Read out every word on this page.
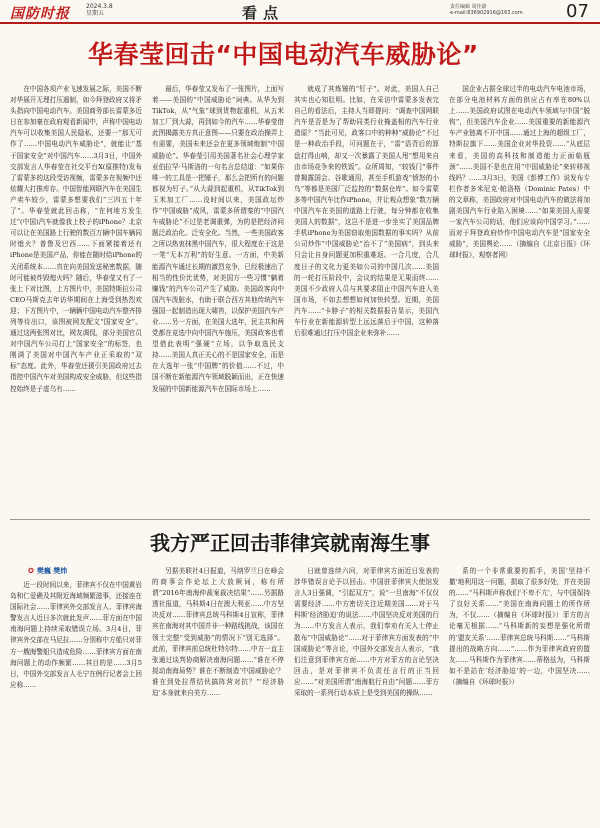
国防时报	2024.3.8
星期五	看点	责任编辑 周佳蔚
e-mail:836902916@163.com 07
华春莹回击“中国电动汽车威胁论”
在中国各项产业飞速发展之际，美国不断对华展开无理打压遏制，如今拜登政府又将矛头指向中国电动汽车。美国商务部长雷蒙多近日在参加豪在政府观看新闻中，声称中国电动汽车可以收集美国人民隐私，还要一“那无可作了……中国电动汽车威胁论”，就能让“基于国家安全”对中国汽车……3月3日，中国外交部发言人华春莹在社交平台X(原推特)发布了雷蒙多的这段受访视频，雷蒙多在视频中还炫耀大打推库存。中国智能网联汽车在美国生产卖车较少，雷蒙多想要我们“三四五十年了”。华春莹就此回击称，“在何地方发生过”(中国)汽车就像我上校子的iPhone？北京可以让在美国路上行驶的数百万辆中国车辆同时熄火？普鲁及巴西……下面紧接着还有iPhone是美国产品，你能在随时给iPhone的关闭系统本……真在向美国发送秘密数据，随时可能被炸毁熄火吗？随后，华春莹又有了一张上下对比图，上方图片中，美国特斯拉公司CEO马斯克去年访华期间在上海受到热烈欢迎；下方图片中，一辆辆中国电动汽车整齐排列等待出口，该图被网友配文“国家安全”。通过这两张图对比，网友调侃，部分美国官员对中国汽车公司打上“国家安全”的标签，也刚满了美国对中国汽车产业正采取的“双标”态度。此外，华春莹还援引美国政府过去指控中国汽车对美国构成安全威胁，但这些指控始终是子虚乌有……
最后，华春莹又发布了一张图片，上面写着——美国的“中国威胁论”词典。从华为到TikTok，从“气象”球到货物起重机，从五米加工厂到大蒜，再到如今的汽车……华春莹借此图揭露美方真正意图——只要在政治操弄上有需要，美国未来还会在更多领域炮制“中国威胁论”。华春莹引用美国著名社会心理学家亚伯拉罕·马斯洛的一句名言总结道：“如果你唯一的工具是一把锤子，那么会把所有的问题都视为钉子。”从大蒜到起重机，从TikTok到玉米加工厂……没时间以来，美国政坛炒作“中国威胁”成风，雷蒙多所谓秦的“中国汽车威胁论”不过是老调重弹，为的是把经济问题泛政治化、泛安全化。当然，一些美国政客之所以热衷抹黑中国汽车，很大程度在于这是一笔“无本万利”的好生意。一方面，中美新能源汽车通过长期的激烈竞争，已经极速出了相当的性价比优势，对美国方一些习惯“躺着赚钱”的汽车公司产生了威胁。美国政客向中国汽车泼脏水，有助于联合西方其他传统汽车强国一起制造出现大啸咨，以保护美国汽车产业……另一方面，在美国大选年，民主共和两党都在竞选中向中国汽车施压，美国政客也希望借此表明“强硬”立场，以争取选民支持……美国人真正关心的不是国家安全，而是在大选年一张“中国牌”的价值……不过，中国不断在新能源汽车领域脱颖而出，正在快速发展的中国新能源汽车在国际市场上……
就成了其炼锤的“钉子”。对此，美国人自己其实也心知肚明。比如，在采访中雷蒙多发表完自己的看法后，主持人当即提问：“调查中国网联汽车是否是为了帮助同类行业掩盖相的汽车行业造原？”当此可见，政客口中的种种“威胁论”不过是一种政治手段，可问题在于，“雷”语背后的算盘打得山响，却又一次暴露了美国人甩“想用来自由市场竞争来的铁饭”。众所周知，“较钱门”事件曾揭露国会、谷歌通用，甚至手机游戏“愤怒的小鸟”等都是美国厂泛监控的“数据仓库”。如今雷蒙多等中国汽车比作iPhone，并让观众想象“数万辆中国汽车在美国的道路上行驶，每分钟都在收集美国人的数据”，这岂不是进一步坐实了美国品牌手机iPhone为美国窃取他国数据的事实吗？从前公司炒作“中国威胁论”治不了“美国病”，到头来只会让自身问题更加积重难返。一合几度，合几度日子的文化力更美如公司的中国几次……美国的一轮打压阶段中，会议的结果是无果而终……美国不少政府人员与其要求阻止中国汽车进入美国市场，不如去想想如何加快转型。近期，美国汽车……“卡脖子”的相关数据报告显示，美国汽车行业在新能源转型上远远落后于中国，这种落后很难通过打压中国企业来弥补……
国企业占据全球过半的电动汽车电池市场，在部分电池材料方面的供应占有率在80%以上……美国政府试图在电动汽车领域与中国“脱钩”，但美国汽车企业……美国重要的新能源汽车产业链离不开中国……通过上海的超级工厂，特斯拉旗下……美国企业对华投资……“从底层来看，美国的高科技和制造能力正面临瓶颈”……美国不是也在用“中国威胁论”来转移视线吗？……3月3日，美国《彭博工作》说发布专栏作者多米尼克·帕洛格（Dominic Pates）中的文章称，美国政府对中国电动汽车的做法将加剧美国汽车行业陷入困境……“如果美国人需要一家汽车公司的话，他们应该向中国学习。”……而对于拜登政府炒作中国电动汽车是“国家安全威胁”，美国舆论……（摘编自《北京日报》《环球时报》，观察者网）
我方严正回击菲律宾就南海生事
✪ 樊巍 樊炜
近一段时间以来，菲律宾不仅在中国黄岩岛和仁爱礁及其附近海域频繁滋事，还接连在国际社会……菲律宾外交部发言人、菲律宾海警发言人近日多次就此发声……菲方面在中国南海问题上持续采取错误立场。3月4日，菲律宾外交部在马尼拉……分别称中方船只对菲方一艘海警船只造成危险……菲律宾方面在南海问题上的动作频繁……其目的是……3月5日，中国外交部发言人毛宁在例行记者会上回应称……
另据美联社4日报道，马纳罗兰日在峰会的商事会作论坛上大放厥词，称有所谓“2016年南海仲裁案裁决结果”……另据路透社报道，马科斯4日在澳大利亚……中方坚决反对……菲律宾总统马科斯4日宣称，菲律宾在南海对其中国并非一种路线挑战，该国在领土完整“受到威胁”的情况下“别无选择”。此前，菲律宾前总统杜特尔特……中方一直主张通过谈判协商解决南海问题……“谁在不停搅动南海局势？谁在不断制造‘中国威胁论’？谁在到处拉帮结伙搞阵营对抗？”‘经济胁迫’本身就来自美方……
日就曾连续六问，对菲律宾方面近日发表的涉华错误言论予以回击。中国驻菲律宾大使馆发言人3日强调，“引起双方”，说“一旦南海”不仅仅需要经济……中方密切关注近期美国……对于马科斯‘经济胁迫’的说法……中国坚决反对美国的行为……中方发言人表示，我们奉劝有关人士停止散布“中国威胁论”……对于菲律宾方面发表的“中国威胁论”等言论，中国外交部发言人表示，“我们注意到菲律宾方面……中方对菲方的言论坚决回击，是对菲律宾不负责任言行的正当回应……”对美国所谓“南海航行自由”问题……菲方采取的一系列行动本质上是受到美国的操纵……
系的一个非常重要的抓手，美国‘坚持不撤’地利用这一问题，损取了很多好处，并在美国的……“马科斯声称我们‘不卑不亢’，与中国保持了良好关系……”美国在南海问题上的所作所为，不仅……（摘编自《环球时报》）菲方的言论毫无根据……“马科斯新的妄想是强化所谓的‘盟友关系’……菲律宾总统马科斯……“马科斯提出的战略方向……”……作为菲律宾政府的盟友……马科斯作为菲律宾……蒂格兹为，马科斯如不是站在‘经济胁迫’的一边，中国坚决……（摘编自《环球时报》）
